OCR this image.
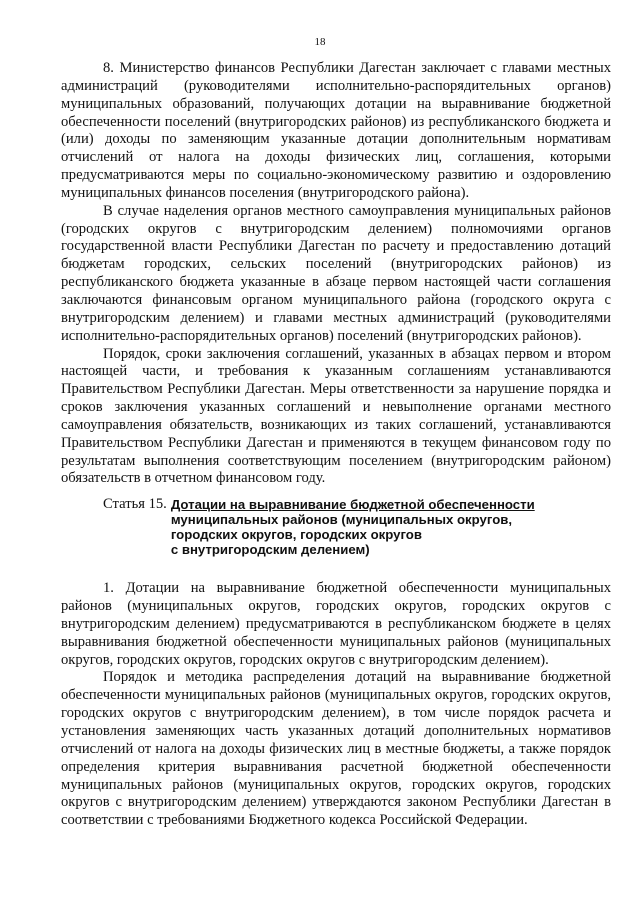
18

8. Министерство финансов Республики Дагестан заключает с главами местных администраций (руководителями исполнительно-распорядительных органов) муниципальных образований, получающих дотации на выравнивание бюджетной обеспеченности поселений (внутригородских районов) из республиканского бюджета и (или) доходы по заменяющим указанные дотации дополнительным нормативам отчислений от налога на доходы физических лиц, соглашения, которыми предусматриваются меры по социально-экономическому развитию и оздоровлению муниципальных финансов поселения (внутригородского района).

В случае наделения органов местного самоуправления муниципальных районов (городских округов с внутригородским делением) полномочиями органов государственной власти Республики Дагестан по расчету и предоставлению дотаций бюджетам городских, сельских поселений (внутригородских районов) из республиканского бюджета указанные в абзаце первом настоящей части соглашения заключаются финансовым органом муниципального района (городского округа с внутригородским делением) и главами местных администраций (руководителями исполнительно-распорядительных органов) поселений (внутригородских районов).

Порядок, сроки заключения соглашений, указанных в абзацах первом и втором настоящей части, и требования к указанным соглашениям устанавливаются Правительством Республики Дагестан. Меры ответственности за нарушение порядка и сроков заключения указанных соглашений и невыполнение органами местного самоуправления обязательств, возникающих из таких соглашений, устанавливаются Правительством Республики Дагестан и применяются в текущем финансовом году по результатам выполнения соответствующим поселением (внутригородским районом) обязательств в отчетном финансовом году.

Статья 15. Дотации на выравнивание бюджетной обеспеченности
муниципальных районов (муниципальных округов,
городских округов, городских округов
с внутригородским делением)

1. Дотации на выравнивание бюджетной обеспеченности муниципальных районов (муниципальных округов, городских округов, городских округов с внутригородским делением) предусматриваются в республиканском бюджете в целях выравнивания бюджетной обеспеченности муниципальных районов (муниципальных округов, городских округов, городских округов с внутригородским делением).

Порядок и методика распределения дотаций на выравнивание бюджетной обеспеченности муниципальных районов (муниципальных округов, городских округов, городских округов с внутригородским делением), в том числе порядок расчета и установления заменяющих часть указанных дотаций дополнительных нормативов отчислений от налога на доходы физических лиц в местные бюджеты, а также порядок определения критерия выравнивания расчетной бюджетной обеспеченности муниципальных районов (муниципальных округов, городских округов, городских округов с внутригородским делением) утверждаются законом Республики Дагестан в соответствии с требованиями Бюджетного кодекса Российской Федерации.
